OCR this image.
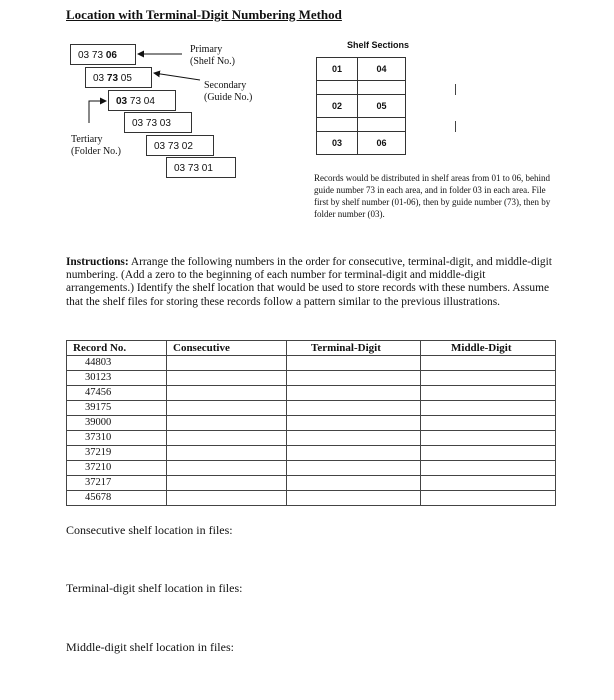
Location with Terminal-Digit Numbering Method
03 73 06
03 73 05
03 73 04
03 73 03
03 73 02
03 73 01
Primary
(Shelf No.)
Secondary
(Guide No.)
Tertiary
(Folder No.)
Shelf Sections
01	04
02	05
03	06
Records would be distributed in shelf areas from 01 to 06, behind guide number 73 in each area, and in folder 03 in each area. File first by shelf number (01-06), then by guide number (73), then by folder number (03).
Instructions: Arrange the following numbers in the order for consecutive, terminal-digit, and middle-digit numbering. (Add a zero to the beginning of each number for terminal-digit and middle-digit arrangements.) Identify the shelf location that would be used to store records with these numbers. Assume that the shelf files for storing these records follow a pattern similar to the previous illustrations.
Record No.	Consecutive	Terminal-Digit	Middle-Digit
44803			
30123			
47456			
39175			
39000			
37310			
37219			
37210			
37217			
45678			
Consecutive shelf location in files:
Terminal-digit shelf location in files:
Middle-digit shelf location in files:
